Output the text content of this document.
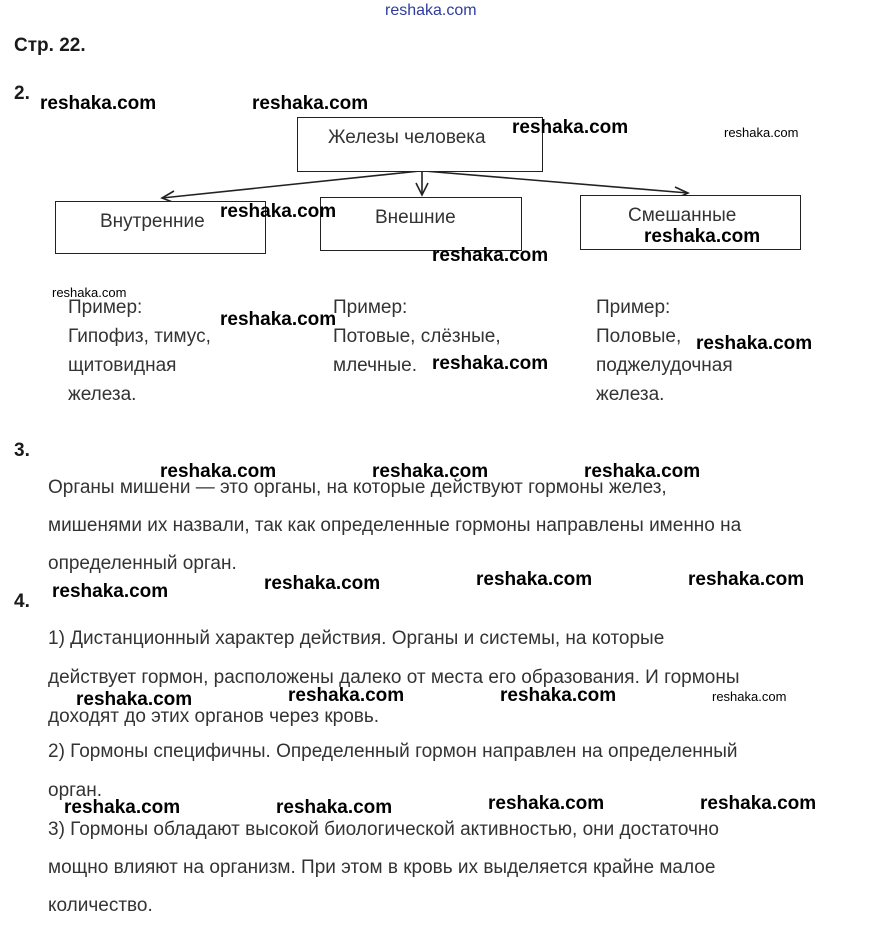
reshaka.com
Стр. 22.
2.
Железы человека
Внутренние	Внешние	Смешанные
Пример:
Гипофиз, тимус,
щитовидная
железа.
Пример:
Потовые, слёзные,
млечные.
Пример:
Половые,
поджелудочная
железа.
3.
Органы мишени — это органы, на которые действуют гормоны желез,
мишенями их назвали, так как определенные гормоны направлены именно на
определенный орган.
4.
1) Дистанционный характер действия. Органы и системы, на которые
действует гормон, расположены далеко от места его образования. И гормоны
доходят до этих органов через кровь.
2) Гормоны специфичны. Определенный гормон направлен на определенный
орган.
3) Гормоны обладают высокой биологической активностью, они достаточно
мощно влияют на организм. При этом в кровь их выделяется крайне малое
количество.
reshaka.com	reshaka.com
reshaka.com	reshaka.com
reshaka.com
reshaka.com
reshaka.com
reshaka.com
reshaka.com
reshaka.com
reshaka.com
reshaka.com	reshaka.com	reshaka.com
reshaka.com	reshaka.com	reshaka.com	reshaka.com
reshaka.com	reshaka.com	reshaka.com	reshaka.com
reshaka.com	reshaka.com	reshaka.com	reshaka.com
